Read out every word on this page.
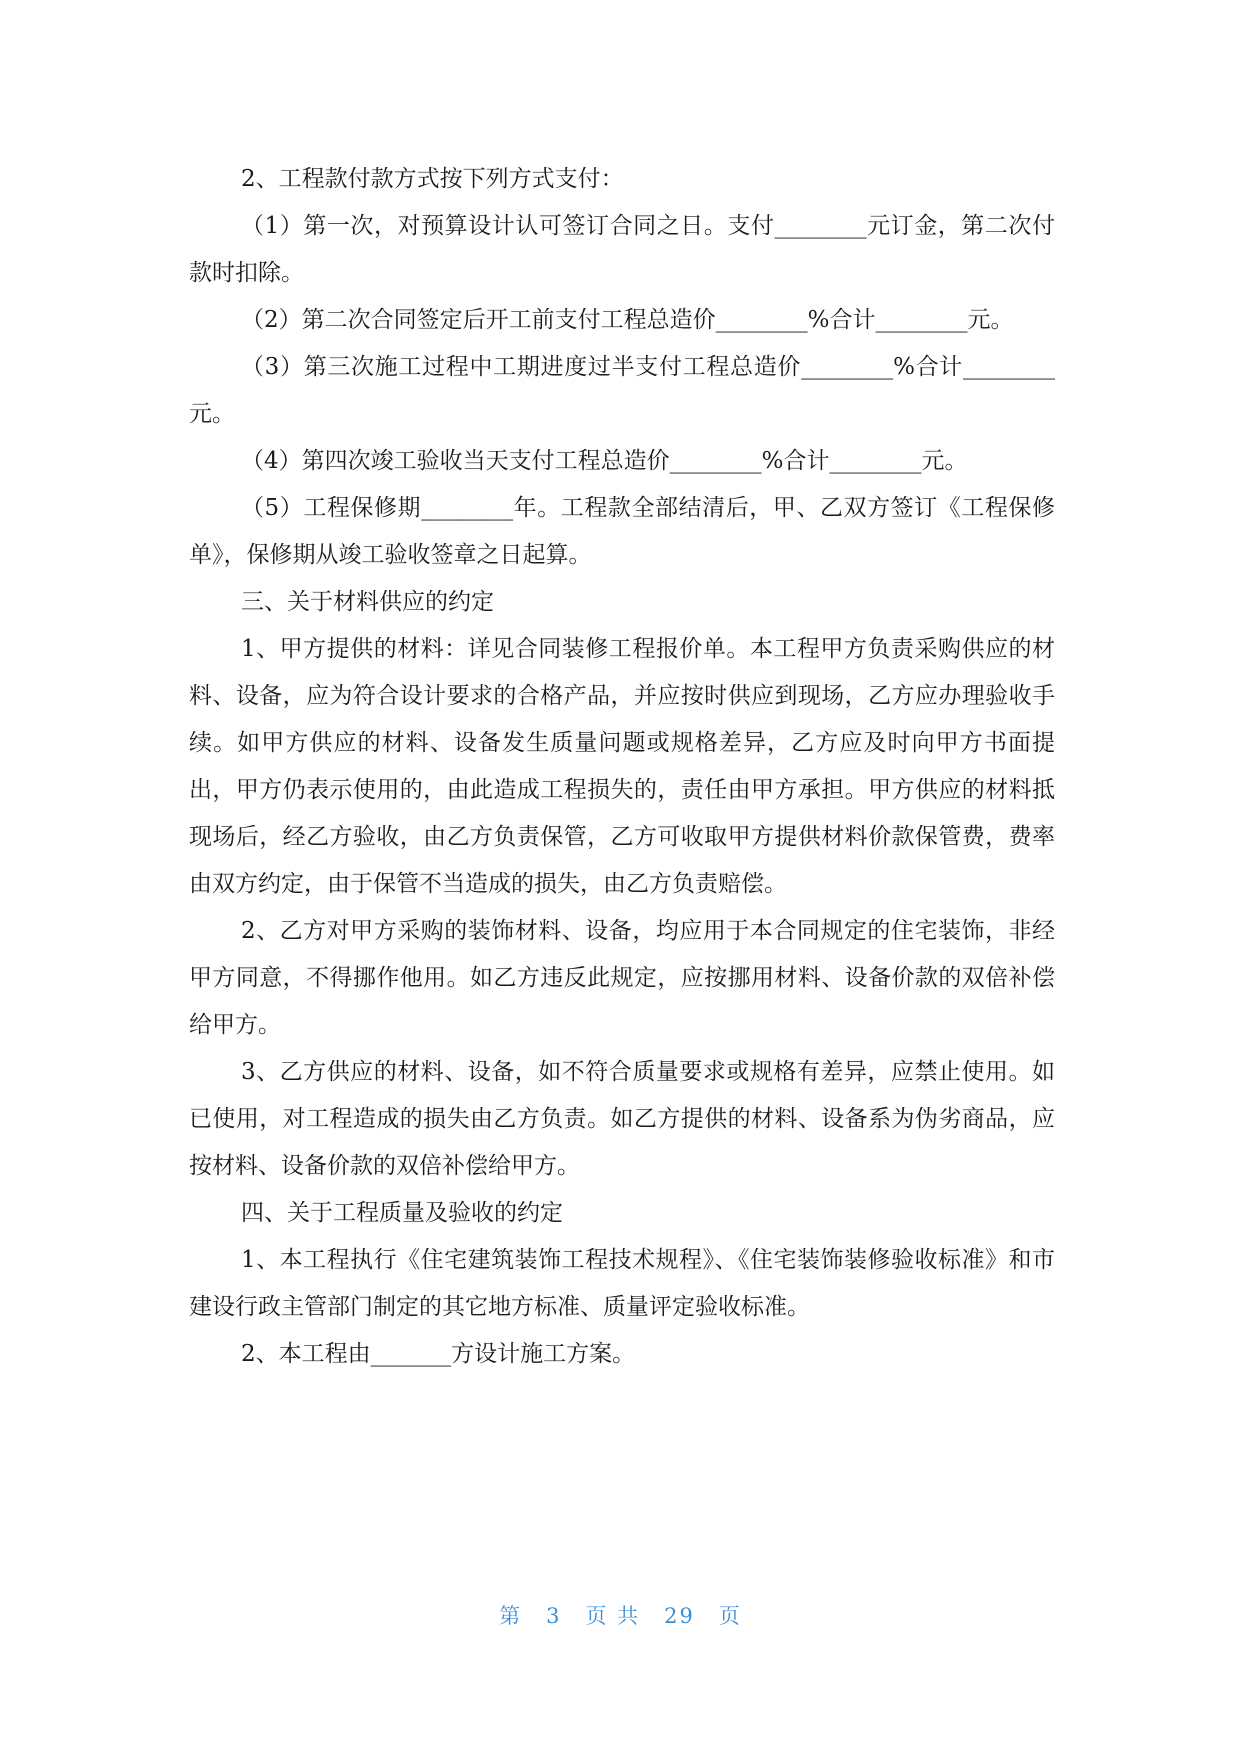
2、工程款付款方式按下列方式支付：

（1）第一次，对预算设计认可签订合同之日。支付________元订金，第二次付款时扣除。

（2）第二次合同签定后开工前支付工程总造价________%合计________元。

（3）第三次施工过程中工期进度过半支付工程总造价________%合计________元。

（4）第四次竣工验收当天支付工程总造价________%合计________元。

（5）工程保修期________年。工程款全部结清后，甲、乙双方签订《工程保修单》，保修期从竣工验收签章之日起算。

三、关于材料供应的约定

1、甲方提供的材料：详见合同装修工程报价单。本工程甲方负责采购供应的材料、设备，应为符合设计要求的合格产品，并应按时供应到现场，乙方应办理验收手续。如甲方供应的材料、设备发生质量问题或规格差异，乙方应及时向甲方书面提出，甲方仍表示使用的，由此造成工程损失的，责任由甲方承担。甲方供应的材料抵现场后，经乙方验收，由乙方负责保管，乙方可收取甲方提供材料价款保管费，费率由双方约定，由于保管不当造成的损失，由乙方负责赔偿。

2、乙方对甲方采购的装饰材料、设备，均应用于本合同规定的住宅装饰，非经甲方同意，不得挪作他用。如乙方违反此规定，应按挪用材料、设备价款的双倍补偿给甲方。

3、乙方供应的材料、设备，如不符合质量要求或规格有差异，应禁止使用。如已使用，对工程造成的损失由乙方负责。如乙方提供的材料、设备系为伪劣商品，应按材料、设备价款的双倍补偿给甲方。

四、关于工程质量及验收的约定

1、本工程执行《住宅建筑装饰工程技术规程》、《住宅装饰装修验收标准》和市建设行政主管部门制定的其它地方标准、质量评定验收标准。

2、本工程由_______方设计施工方案。

第 3 页 共 29 页
